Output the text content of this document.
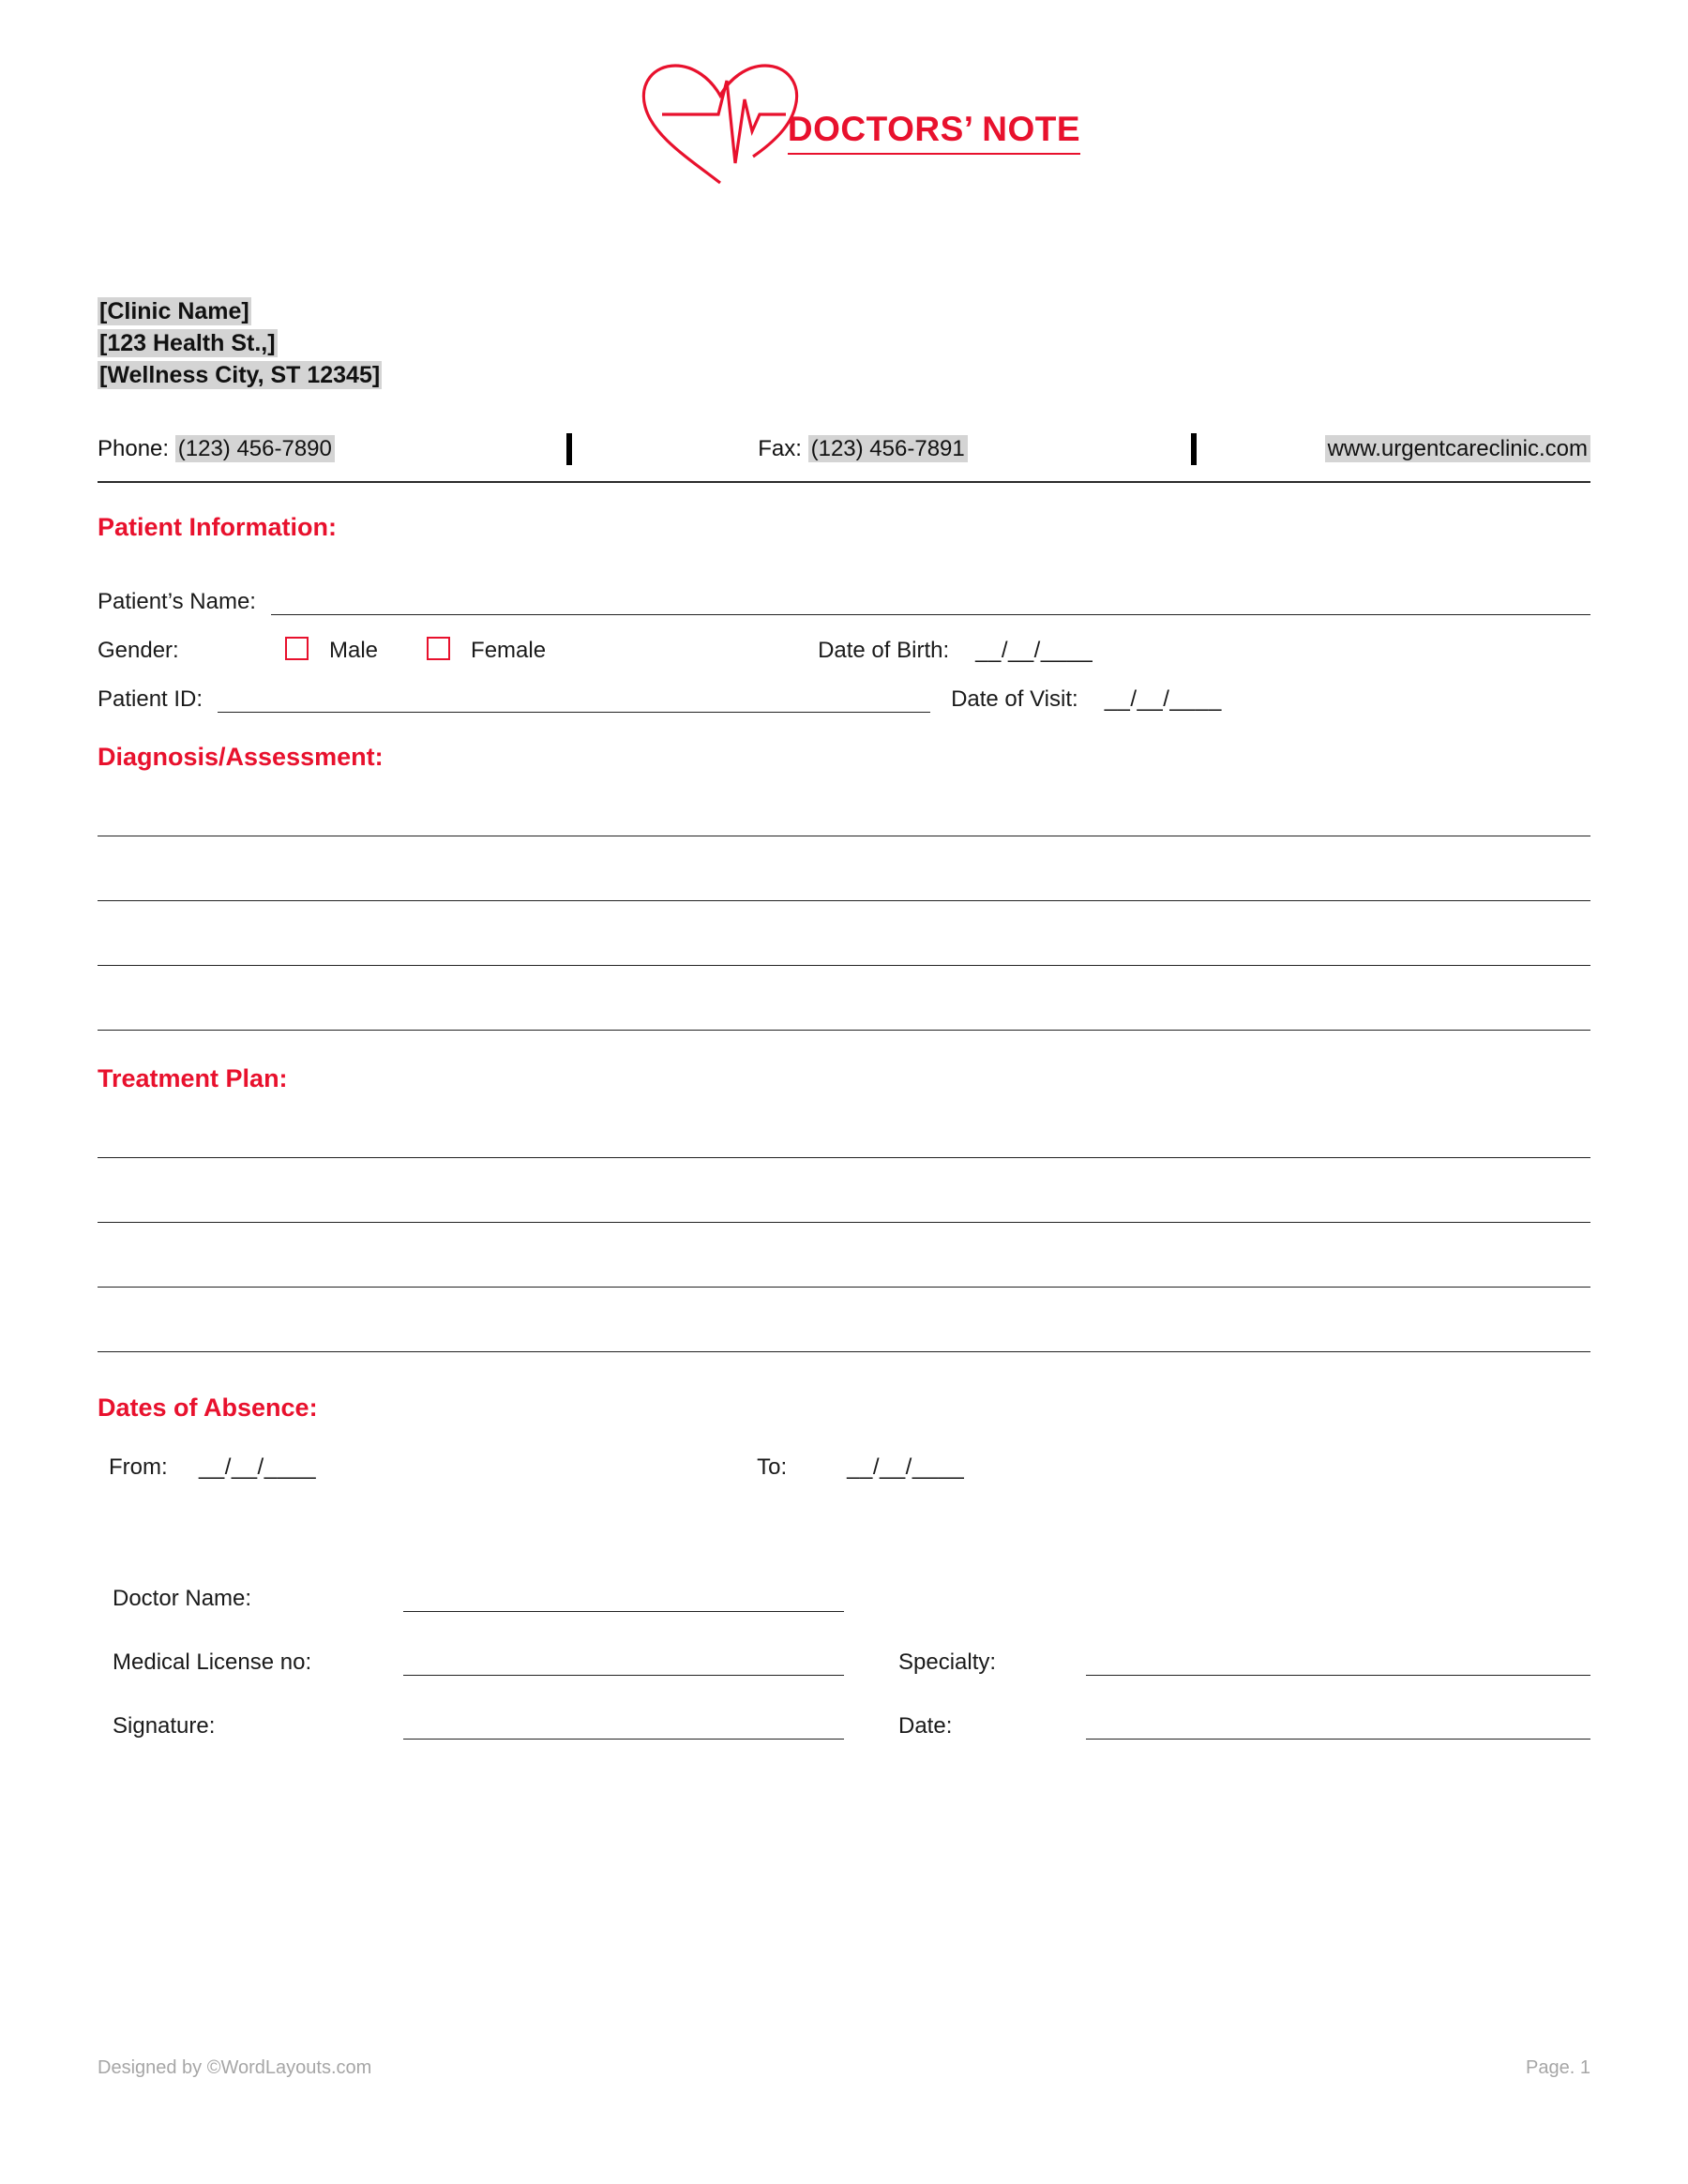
DOCTORS’ NOTE
[Clinic Name]
[123 Health St.,]
[Wellness City, ST 12345]
Phone: (123) 456-7890	Fax: (123) 456-7891	www.urgentcareclinic.com
Patient Information:
Patient’s Name:
Gender:	Male	Female	Date of Birth: __/__/____
Patient ID:	Date of Visit: __/__/____
Diagnosis/Assessment:
Treatment Plan:
Dates of Absence:
From:	__/__/____	To:	__/__/____
Doctor Name:
Medical License no:	Specialty:
Signature:	Date:
Designed by ©WordLayouts.com	Page. 1
